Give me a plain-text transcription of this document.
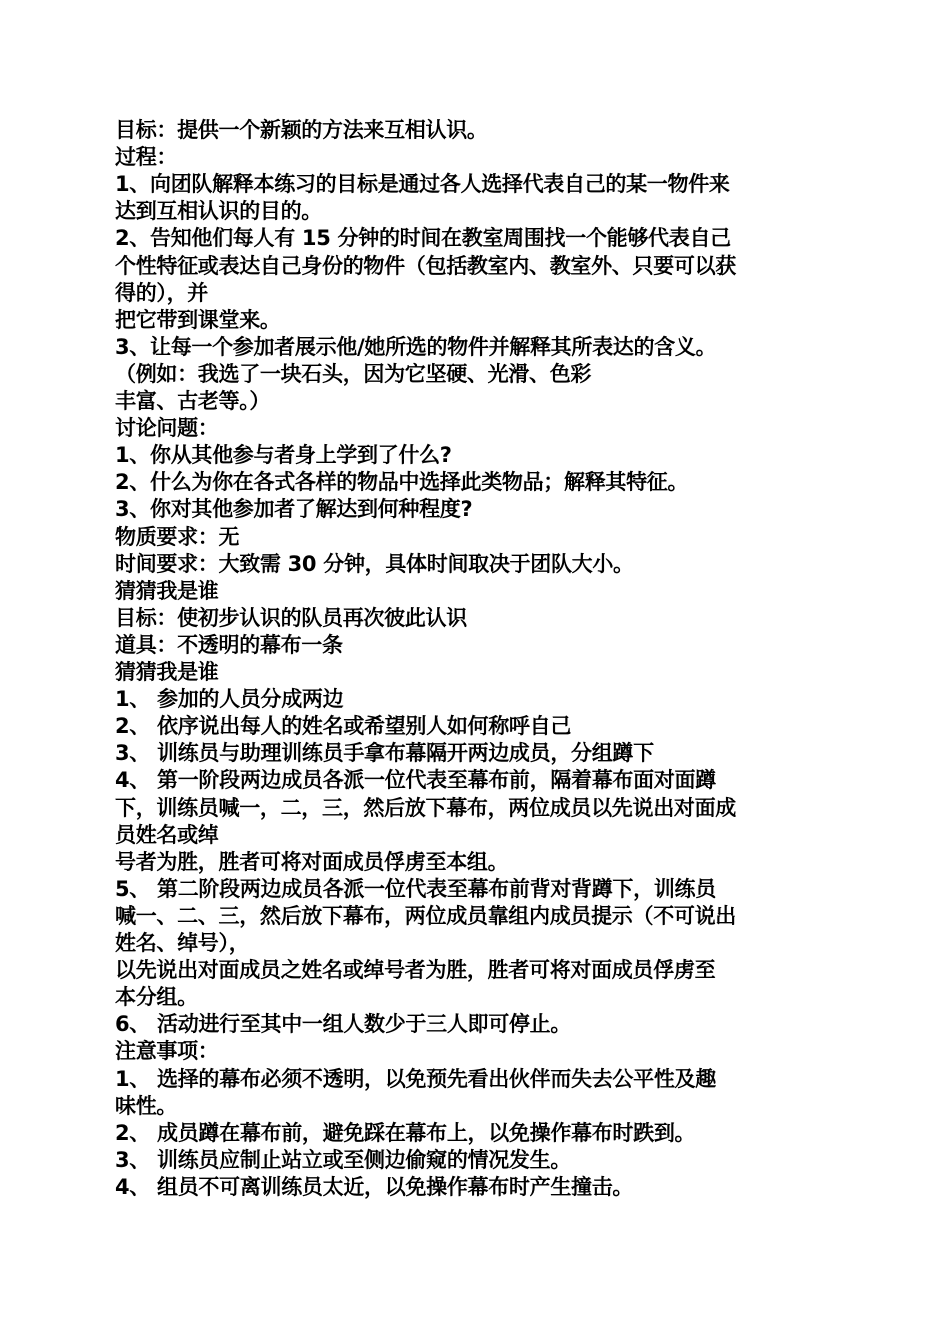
目标：提供一个新颖的方法来互相认识。
过程：
1、向团队解释本练习的目标是通过各人选择代表自己的某一物件来
达到互相认识的目的。
2、告知他们每人有 15 分钟的时间在教室周围找一个能够代表自己
个性特征或表达自己身份的物件（包括教室内、教室外、只要可以获
得的），并
把它带到课堂来。
3、让每一个参加者展示他/她所选的物件并解释其所表达的含义。
（例如：我选了一块石头，因为它坚硬、光滑、色彩
丰富、古老等。）
讨论问题：
1、你从其他参与者身上学到了什么?
2、什么为你在各式各样的物品中选择此类物品；解释其特征。
3、你对其他参加者了解达到何种程度?
物质要求：无
时间要求：大致需 30 分钟，具体时间取决于团队大小。
猜猜我是谁
目标：使初步认识的队员再次彼此认识
道具：不透明的幕布一条
猜猜我是谁
1、 参加的人员分成两边
2、 依序说出每人的姓名或希望别人如何称呼自己
3、 训练员与助理训练员手拿布幕隔开两边成员，分组蹲下
4、 第一阶段两边成员各派一位代表至幕布前，隔着幕布面对面蹲
下，训练员喊一，二，三，然后放下幕布，两位成员以先说出对面成
员姓名或绰
号者为胜，胜者可将对面成员俘虏至本组。
5、 第二阶段两边成员各派一位代表至幕布前背对背蹲下，训练员
喊一、二、三，然后放下幕布，两位成员靠组内成员提示（不可说出
姓名、绰号），
以先说出对面成员之姓名或绰号者为胜，胜者可将对面成员俘虏至
本分组。
6、 活动进行至其中一组人数少于三人即可停止。
注意事项：
1、 选择的幕布必须不透明，以免预先看出伙伴而失去公平性及趣
味性。
2、 成员蹲在幕布前，避免踩在幕布上，以免操作幕布时跌到。
3、 训练员应制止站立或至侧边偷窥的情况发生。
4、 组员不可离训练员太近，以免操作幕布时产生撞击。
